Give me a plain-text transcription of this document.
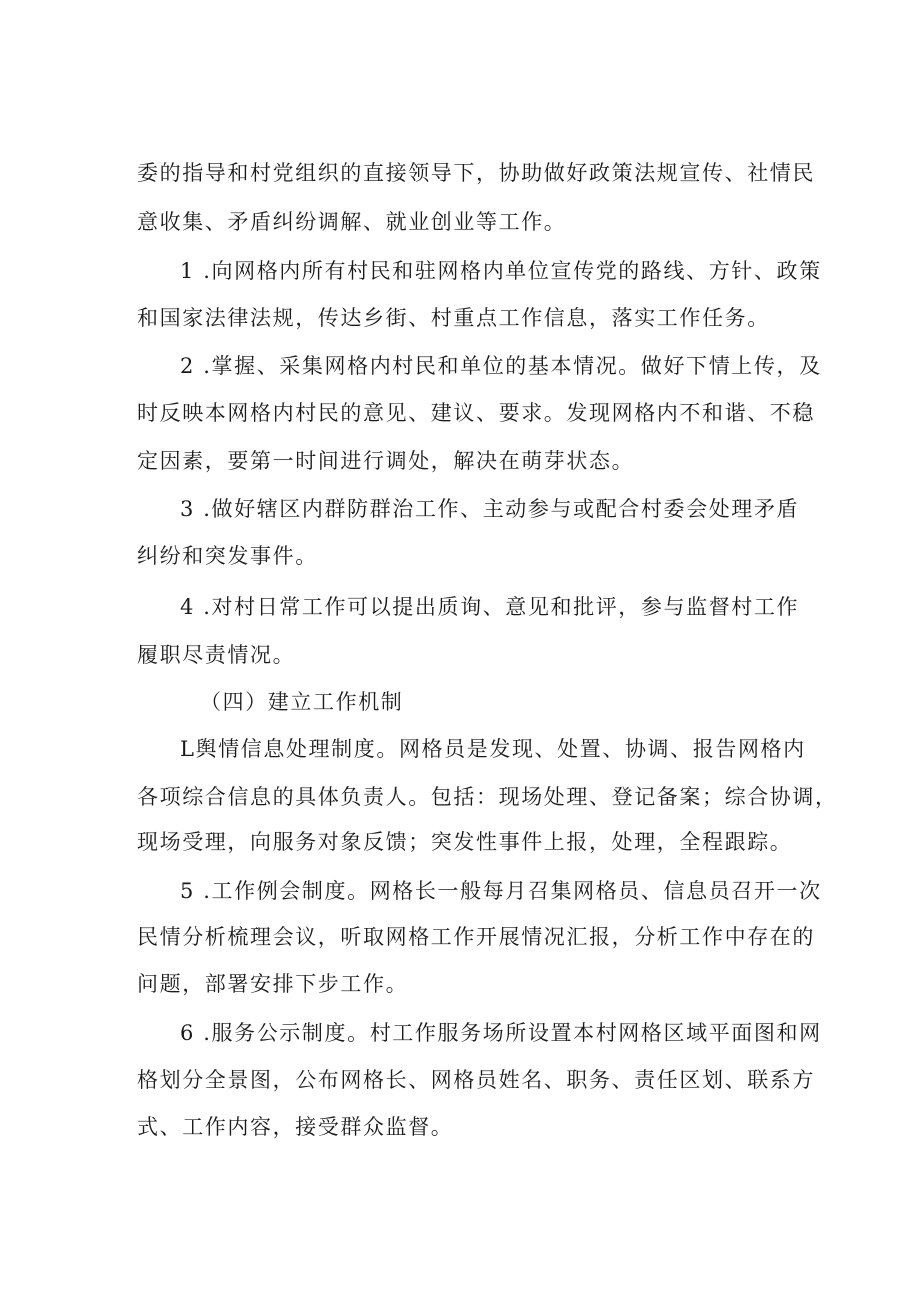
委的指导和村党组织的直接领导下，协助做好政策法规宣传、社情民
意收集、矛盾纠纷调解、就业创业等工作。
1 .向网格内所有村民和驻网格内单位宣传党的路线、方针、政策
和国家法律法规，传达乡街、村重点工作信息，落实工作任务。
2 .掌握、采集网格内村民和单位的基本情况。做好下情上传，及
时反映本网格内村民的意见、建议、要求。发现网格内不和谐、不稳
定因素，要第一时间进行调处，解决在萌芽状态。
3 .做好辖区内群防群治工作、主动参与或配合村委会处理矛盾
纠纷和突发事件。
4 .对村日常工作可以提出质询、意见和批评，参与监督村工作
履职尽责情况。
（四）建立工作机制
L舆情信息处理制度。网格员是发现、处置、协调、报告网格内
各项综合信息的具体负责人。包括：现场处理、登记备案；综合协调，
现场受理，向服务对象反馈；突发性事件上报，处理，全程跟踪。
5 .工作例会制度。网格长一般每月召集网格员、信息员召开一次
民情分析梳理会议，听取网格工作开展情况汇报，分析工作中存在的
问题，部署安排下步工作。
6 .服务公示制度。村工作服务场所设置本村网格区域平面图和网
格划分全景图，公布网格长、网格员姓名、职务、责任区划、联系方
式、工作内容，接受群众监督。
